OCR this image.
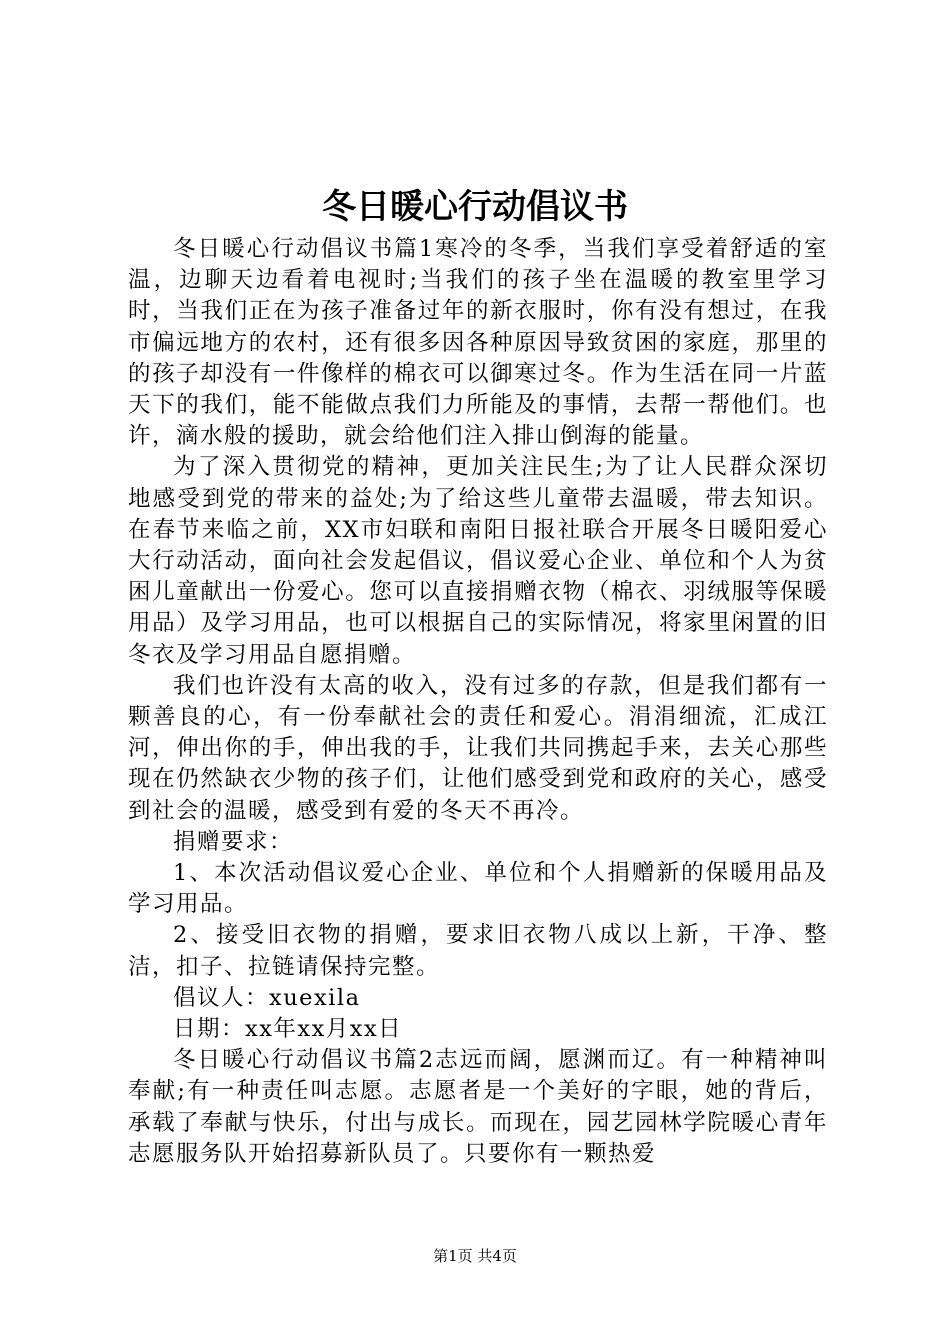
冬日暖心行动倡议书

冬日暖心行动倡议书篇1寒冷的冬季，当我们享受着舒适的室温，边聊天边看着电视时;当我们的孩子坐在温暖的教室里学习时，当我们正在为孩子准备过年的新衣服时，你有没有想过，在我市偏远地方的农村，还有很多因各种原因导致贫困的家庭，那里的的孩子却没有一件像样的棉衣可以御寒过冬。作为生活在同一片蓝天下的我们，能不能做点我们力所能及的事情，去帮一帮他们。也许，滴水般的援助，就会给他们注入排山倒海的能量。

为了深入贯彻党的精神，更加关注民生;为了让人民群众深切地感受到党的带来的益处;为了给这些儿童带去温暖，带去知识。在春节来临之前，XX市妇联和南阳日报社联合开展冬日暖阳爱心大行动活动，面向社会发起倡议，倡议爱心企业、单位和个人为贫困儿童献出一份爱心。您可以直接捐赠衣物（棉衣、羽绒服等保暖用品）及学习用品，也可以根据自己的实际情况，将家里闲置的旧冬衣及学习用品自愿捐赠。

我们也许没有太高的收入，没有过多的存款，但是我们都有一颗善良的心，有一份奉献社会的责任和爱心。涓涓细流，汇成江河，伸出你的手，伸出我的手，让我们共同携起手来，去关心那些现在仍然缺衣少物的孩子们，让他们感受到党和政府的关心，感受到社会的温暖，感受到有爱的冬天不再冷。

捐赠要求：

1、本次活动倡议爱心企业、单位和个人捐赠新的保暖用品及学习用品。

2、接受旧衣物的捐赠，要求旧衣物八成以上新，干净、整洁，扣子、拉链请保持完整。

倡议人：xuexila

日期：xx年xx月xx日

冬日暖心行动倡议书篇2志远而阔，愿渊而辽。有一种精神叫奉献;有一种责任叫志愿。志愿者是一个美好的字眼，她的背后，承载了奉献与快乐，付出与成长。而现在，园艺园林学院暖心青年志愿服务队开始招募新队员了。只要你有一颗热爱

第1页 共4页
